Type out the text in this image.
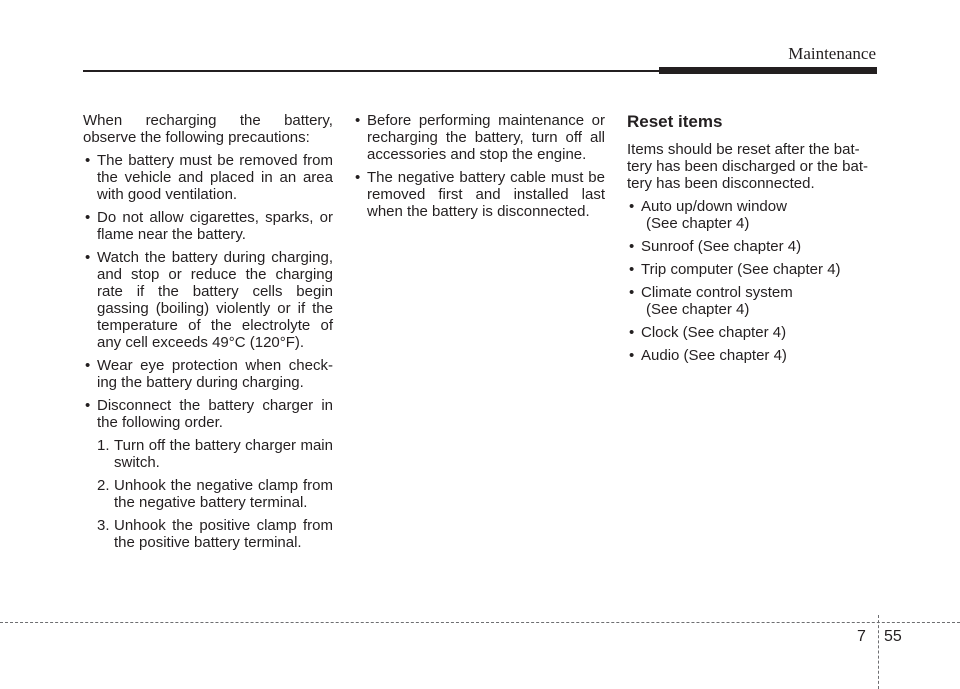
Maintenance
When recharging the battery,
observe the following precautions:
• The battery must be removed from the vehicle and placed in an area with good ventilation.
• Do not allow cigarettes, sparks, or flame near the battery.
• Watch the battery during charging, and stop or reduce the charging rate if the battery cells begin gassing (boiling) violently or if the temperature of the electrolyte of any cell exceeds 49°C (120°F).
• Wear eye protection when check-ing the battery during charging.
• Disconnect the battery charger in the following order.
1. Turn off the battery charger main switch.
2. Unhook the negative clamp from the negative battery terminal.
3. Unhook the positive clamp from the positive battery terminal.
• Before performing maintenance or recharging the battery, turn off all accessories and stop the engine.
• The negative battery cable must be removed first and installed last when the battery is disconnected.
Reset items
Items should be reset after the bat-tery has been discharged or the bat-tery has been disconnected.
• Auto up/down window
(See chapter 4)
• Sunroof (See chapter 4)
• Trip computer (See chapter 4)
• Climate control system
(See chapter 4)
• Clock (See chapter 4)
• Audio (See chapter 4)
7 55
